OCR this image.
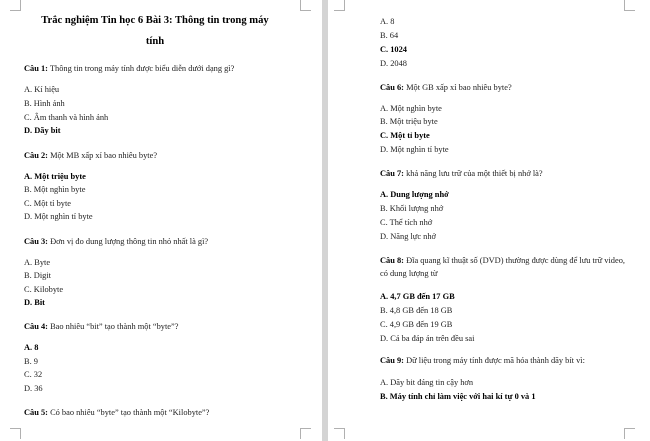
Trắc nghiệm Tin học 6 Bài 3: Thông tin trong máy
tính
Câu 1: Thông tin trong máy tính được biểu diễn dưới dạng gì?
A. Kí hiệu
B. Hình ảnh
C. Âm thanh và hình ảnh
D. Dãy bit
Câu 2: Một MB xấp xỉ bao nhiêu byte?
A. Một triệu byte
B. Một nghìn byte
C. Một tỉ byte
D. Một nghìn tỉ byte
Câu 3: Đơn vị đo dung lượng thông tin nhỏ nhất là gì?
A. Byte
B. Digit
C. Kilobyte
D. Bit
Câu 4: Bao nhiêu “bit” tạo thành một “byte”?
A. 8
B. 9
C. 32
D. 36
Câu 5: Có bao nhiêu “byte” tạo thành một “Kilobyte”?
A. 8
B. 64
C. 1024
D. 2048
Câu 6: Một GB xấp xỉ bao nhiêu byte?
A. Một nghìn byte
B. Một triệu byte
C. Một tỉ byte
D. Một nghìn tỉ byte
Câu 7: khả năng lưu trữ của một thiết bị nhớ là?
A. Dung lượng nhớ
B. Khối lượng nhớ
C. Thể tích nhớ
D. Năng lực nhớ
Câu 8: Đĩa quang kĩ thuật số (DVD) thường được dùng để lưu trữ video,
có dung lượng từ
A. 4,7 GB đến 17 GB
B. 4,8 GB đến 18 GB
C. 4,9 GB đến 19 GB
D. Cả ba đáp án trên đều sai
Câu 9: Dữ liệu trong máy tính được mã hóa thành dãy bít vì:
A. Dãy bit đáng tin cậy hơn
B. Máy tính chỉ làm việc với hai kí tự 0 và 1
